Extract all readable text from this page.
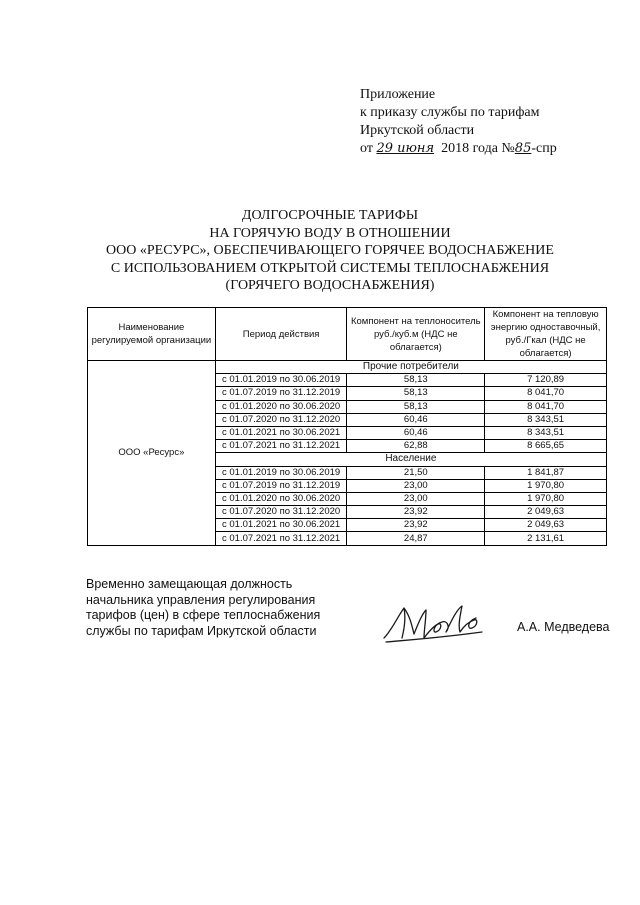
Приложение
к приказу службы по тарифам
Иркутской области
от 29 июня 2018 года №85-спр
ДОЛГОСРОЧНЫЕ ТАРИФЫ
НА ГОРЯЧУЮ ВОДУ В ОТНОШЕНИИ
ООО «РЕСУРС», ОБЕСПЕЧИВАЮЩЕГО ГОРЯЧЕЕ ВОДОСНАБЖЕНИЕ
С ИСПОЛЬЗОВАНИЕМ ОТКРЫТОЙ СИСТЕМЫ ТЕПЛОСНАБЖЕНИЯ
(ГОРЯЧЕГО ВОДОСНАБЖЕНИЯ)
Наименование регулируемой организации	Период действия	Компонент на теплоноситель руб./куб.м (НДС не облагается)	Компонент на тепловую энергию одноставочный, руб./Гкал (НДС не облагается)
ООО «Ресурс»	Прочие потребители		
	с 01.01.2019 по 30.06.2019	58,13	7 120,89
	с 01.07.2019 по 31.12.2019	58,13	8 041,70
	с 01.01.2020 по 30.06.2020	58,13	8 041,70
	с 01.07.2020 по 31.12.2020	60,46	8 343,51
	с 01.01.2021 по 30.06.2021	60,46	8 343,51
	с 01.07.2021 по 31.12.2021	62,88	8 665,65
	Население		
	с 01.01.2019 по 30.06.2019	21,50	1 841,87
	с 01.07.2019 по 31.12.2019	23,00	1 970,80
	с 01.01.2020 по 30.06.2020	23,00	1 970,80
	с 01.07.2020 по 31.12.2020	23,92	2 049,63
	с 01.01.2021 по 30.06.2021	23,92	2 049,63
	с 01.07.2021 по 31.12.2021	24,87	2 131,61
Временно замещающая должность
начальника управления регулирования
тарифов (цен) в сфере теплоснабжения
службы по тарифам Иркутской области	А.А. Медведева
